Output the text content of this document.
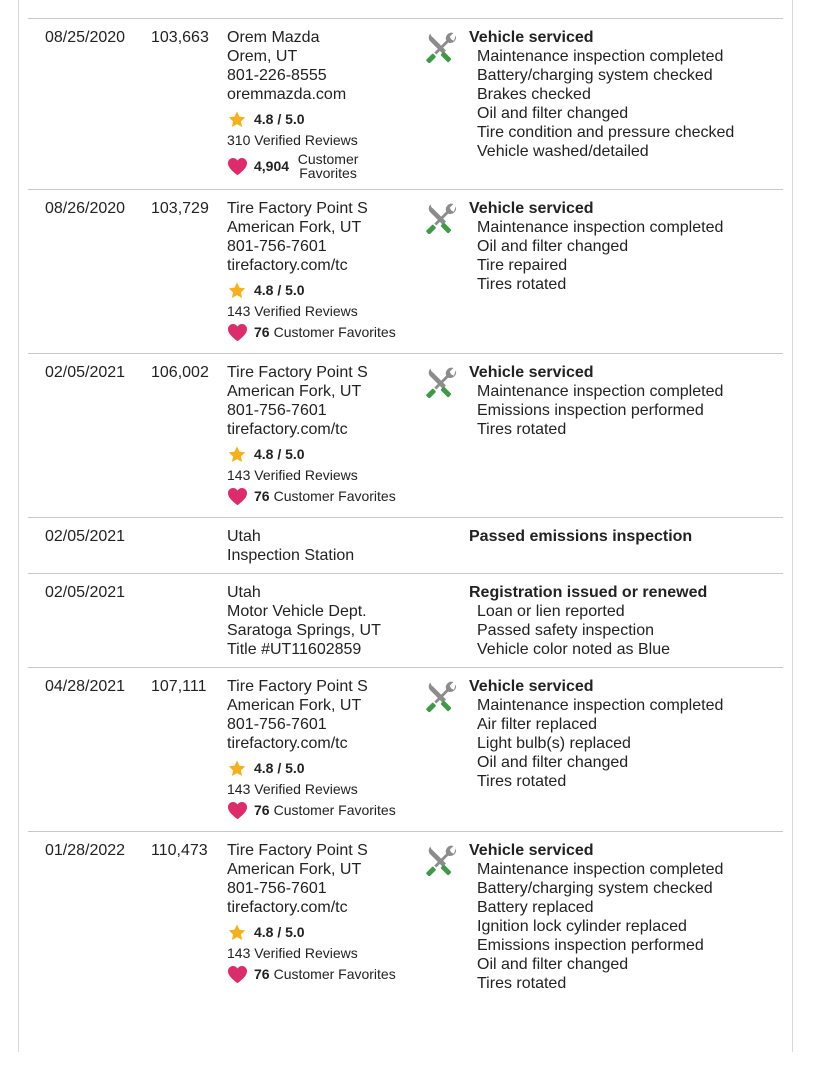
08/25/2020 103,663 Orem Mazda
Orem, UT
801-226-8555
oremmazda.com
4.8 / 5.0
310 Verified Reviews
4,904 Customer Favorites
Vehicle serviced
Maintenance inspection completed
Battery/charging system checked
Brakes checked
Oil and filter changed
Tire condition and pressure checked
Vehicle washed/detailed
08/26/2020 103,729 Tire Factory Point S
American Fork, UT
801-756-7601
tirefactory.com/tc
4.8 / 5.0
143 Verified Reviews
76 Customer Favorites
Vehicle serviced
Maintenance inspection completed
Oil and filter changed
Tire repaired
Tires rotated
02/05/2021 106,002 Tire Factory Point S
American Fork, UT
801-756-7601
tirefactory.com/tc
4.8 / 5.0
143 Verified Reviews
76 Customer Favorites
Vehicle serviced
Maintenance inspection completed
Emissions inspection performed
Tires rotated
02/05/2021	Utah
Inspection Station
Passed emissions inspection
02/05/2021	Utah
Motor Vehicle Dept.
Saratoga Springs, UT
Title #UT11602859
Registration issued or renewed
Loan or lien reported
Passed safety inspection
Vehicle color noted as Blue
04/28/2021 107,111 Tire Factory Point S
American Fork, UT
801-756-7601
tirefactory.com/tc
4.8 / 5.0
143 Verified Reviews
76 Customer Favorites
Vehicle serviced
Maintenance inspection completed
Air filter replaced
Light bulb(s) replaced
Oil and filter changed
Tires rotated
01/28/2022 110,473 Tire Factory Point S
American Fork, UT
801-756-7601
tirefactory.com/tc
4.8 / 5.0
143 Verified Reviews
76 Customer Favorites
Vehicle serviced
Maintenance inspection completed
Battery/charging system checked
Battery replaced
Ignition lock cylinder replaced
Emissions inspection performed
Oil and filter changed
Tires rotated
